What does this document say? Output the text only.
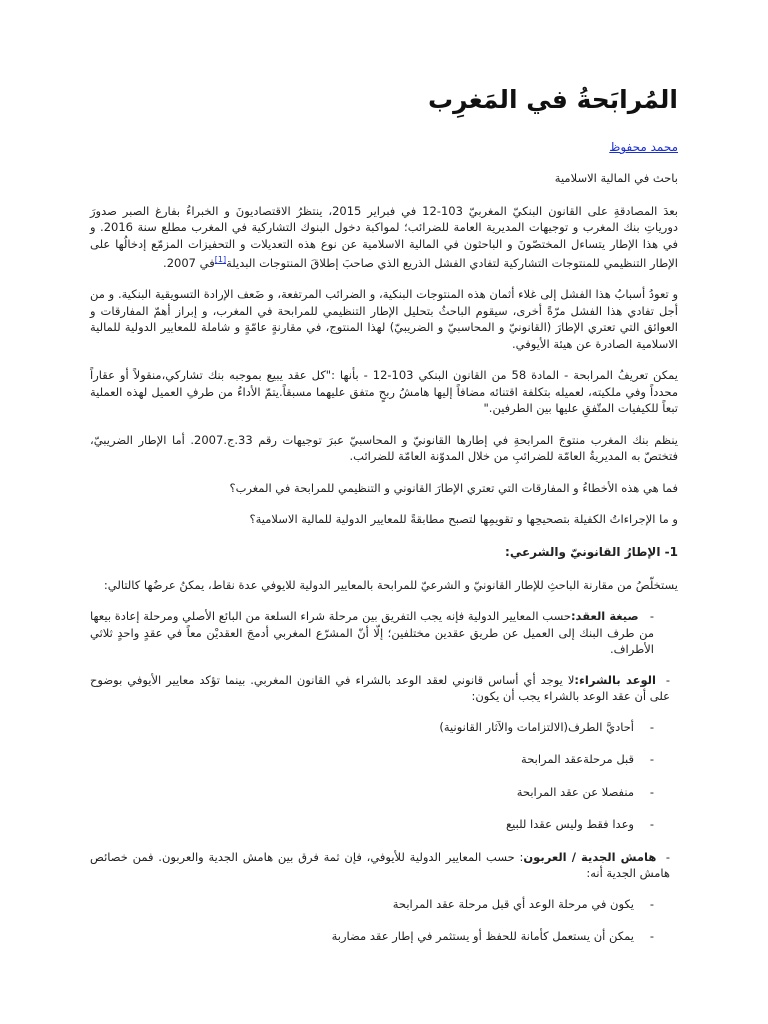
المُرابَحةُ في المَغرِب
محمد محفوظ

باحث في المالية الاسلامية

بعدَ المصادقةِ على القانون البنكيّ المغربيّ 103-12 في فبراير 2015، ينتظرُ الاقتصاديونَ و الخبراءُ بفارغ الصبر صدورَ دورياتِ بنك المغرب و توجيهات المديرية العامة للضرائب؛ لمواكبة دخول البنوك التشاركية في المغرب مطلع سنة 2016. و في هذا الإطار يتساءل المختصّونَ و الباحثون في المالية الاسلامية عن نوع هذه التعديلات و التحفيزات المزمّع إدخالُها على الإطار التنظيمي للمنتوجات التشاركية لتفادي الفشل الذريع الذي صاحبَ إطلاقَ المنتوجات البديلة[1]في 2007.

و تعودُ أسبابُ هذا الفشل إلى غلاء أثمان هذه المنتوجات البنكية، و الضرائب المرتفعة، و ضَعف الإرادة التسويقية البنكية. و من أجل تفادي هذا الفشل مرّةً أخرى، سيقوم الباحثُ بتحليل الإطار التنظيمي للمرابحة في المغرب، و إبراز أهمّ المفارقات و العوائق التي تعتري الإطارَ (القانونيّ و المحاسبيّ و الضريبيّ) لهذا المنتوج، في مقارنةٍ عامّةٍ و شاملة للمعايير الدولية للمالية الاسلامية الصادرة عن هيئة الأيوفي.

يمكن تعريفُ المرابحة - المادة 58 من القانون البنكي 103-12 - بأنها :"كل عقد يبيع بموجبه بنك تشاركي،منقولاً أو عقاراً محدداً وفي ملكيته، لعميله بتكلفة اقتنائه مضافاً إليها هامشُ ربحٍ متفق عليهما مسبقاً.يتمّ الأداءُ من طرفِ العميل لهذه العملية تبعاً للكيفيات المتّفقِ عليها بين الطرفين."

ينظم بنك المغرب منتوجَ المرابحةِ في إطارها القانونيّ و المحاسبيّ عبرَ توجيهات رقم 33.ج.2007. أما الإطار الضريبيّ، فتختصّ به المديريةُ العامّة للضرائبِ من خلال المدوّنة العامّة للضرائب.

فما هي هذه الأخطاءُ و المفارقات التي تعتري الإطارَ القانوني و التنظيمي للمرابحة في المغرب؟

و ما الإجراءاتُ الكفيلة بتصحيحِها و تقويمِها لتصبح مطابقةً للمعايير الدولية للمالية الاسلامية؟

1- الإطارُ القانونيّ والشرعي:

يستخلّصُ من مقارنة الباحثِ للإطار القانونيّ و الشرعيّ للمرابحة بالمعايير الدولية للايوفي عدة نقاط، يمكنُ عرضُها كالتالي:

-   صيغة العقد:حسب المعايير الدولية فإنه يجب التفريق بين مرحلة شراء السلعة من البائع الأصلي ومرحلة إعادة بيعها من طرف البنك إلى العميل عن طريق عقدين مختلفين؛ إلّا أنّ المشرّع المغربي أدمجَ العقديْن معاً في عقدٍ واحدٍ ثلاثي الأطراف.
-  الوعد بالشراء:لا يوجد أي أساس قانوني لعقد الوعد بالشراء في القانون المغربي. بينما تؤكد معايير الأيوفي بوضوح على أن عقد الوعد بالشراء يجب أن يكون:
-أحاديَّ الطرف(الالتزامات والآثار القانونية)
-قبل مرحلةعقد المرابحة
-منفصلا عن عقد المرابحة
-وعدا فقط وليس عقدا للبيع
-  هامش الجدية / العربون: حسب المعايير الدولية للأيوفي، فإن ثمة فرق بين هامش الجدية والعربون. فمن خصائص هامش الجدية أنه:
-يكون في مرحلة الوعد أي قبل مرحلة عقد المرابحة
-يمكن أن يستعمل كأمانة للحفظ أو يستثمر في إطار عقد مضاربة
